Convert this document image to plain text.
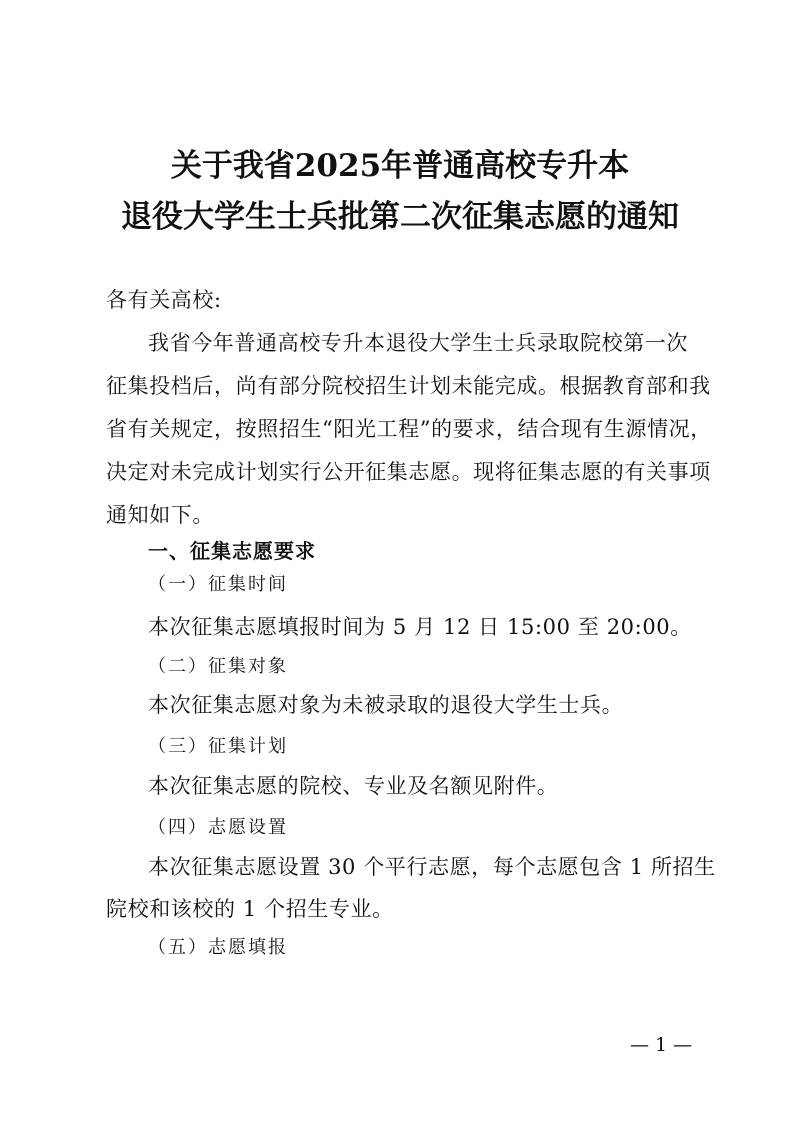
关于我省2025年普通高校专升本
退役大学生士兵批第二次征集志愿的通知
各有关高校:
我省今年普通高校专升本退役大学生士兵录取院校第一次
征集投档后，尚有部分院校招生计划未能完成。根据教育部和我
省有关规定，按照招生“阳光工程”的要求，结合现有生源情况，
决定对未完成计划实行公开征集志愿。现将征集志愿的有关事项
通知如下。
一、征集志愿要求
（一）征集时间
本次征集志愿填报时间为 5 月 12 日 15:00 至 20:00。
（二）征集对象
本次征集志愿对象为未被录取的退役大学生士兵。
（三）征集计划
本次征集志愿的院校、专业及名额见附件。
（四）志愿设置
本次征集志愿设置 30 个平行志愿，每个志愿包含 1 所招生
院校和该校的 1 个招生专业。
（五）志愿填报
— 1 —
